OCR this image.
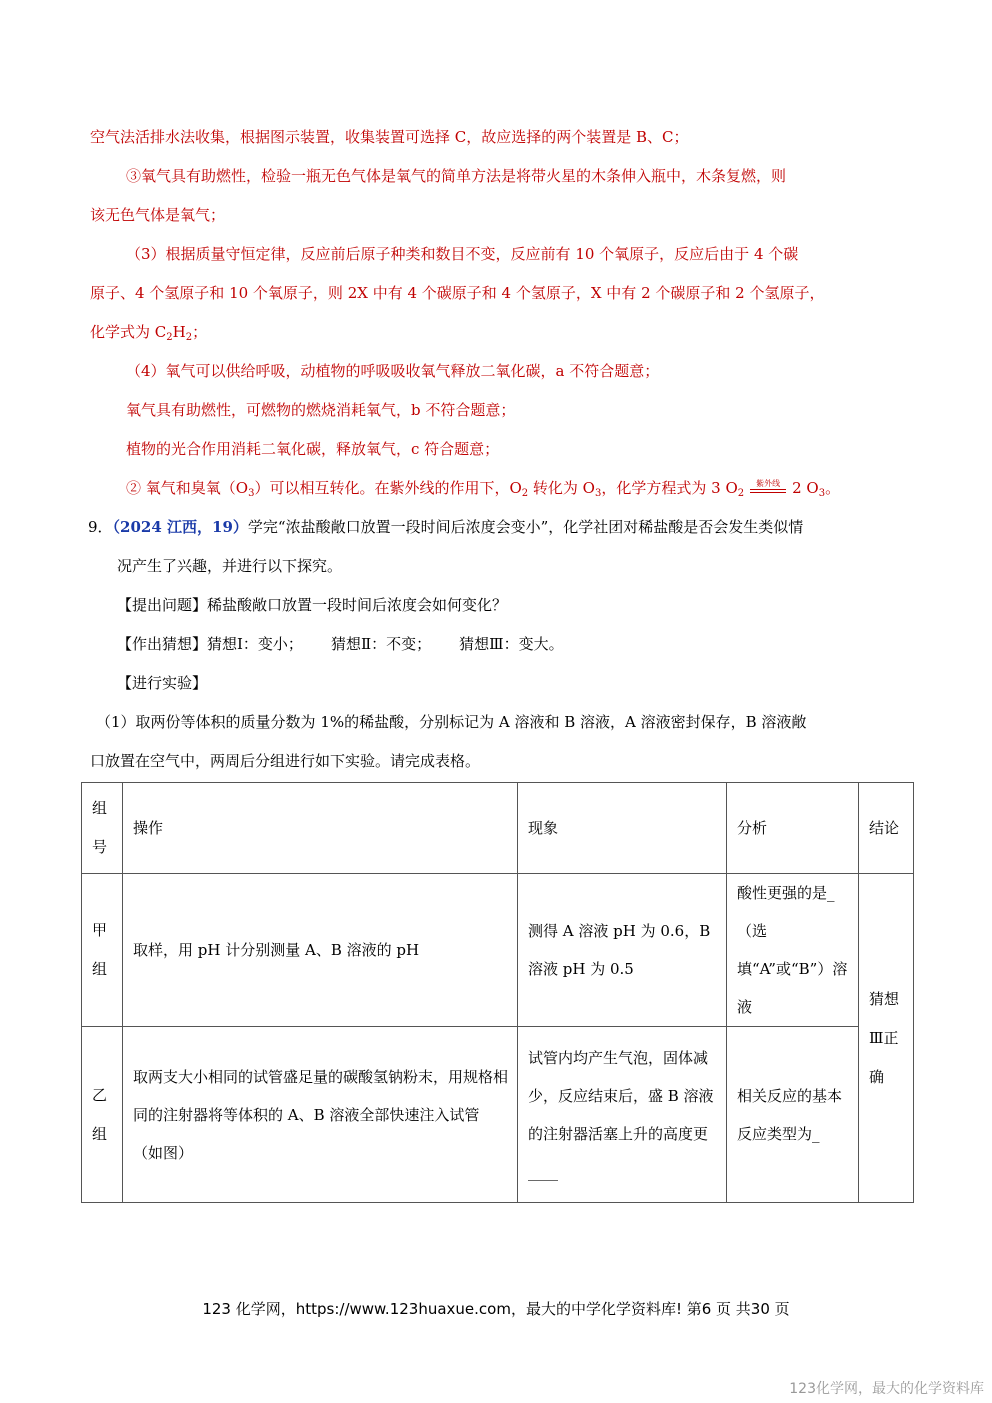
空气法活排水法收集，根据图示装置，收集装置可选择 C，故应选择的两个装置是 B、C；
③氧气具有助燃性，检验一瓶无色气体是氧气的简单方法是将带火星的木条伸入瓶中，木条复燃，则
该无色气体是氧气；
（3）根据质量守恒定律，反应前后原子种类和数目不变，反应前有 10 个氧原子，反应后由于 4 个碳
原子、4 个氢原子和 10 个氧原子，则 2X 中有 4 个碳原子和 4 个氢原子，X 中有 2 个碳原子和 2 个氢原子，
化学式为 $C_2H_2$；
（4）氧气可以供给呼吸，动植物的呼吸吸收氧气释放二氧化碳，a 不符合题意；
氧气具有助燃性，可燃物的燃烧消耗氧气，b 不符合题意；
植物的光合作用消耗二氧化碳，释放氧气，c 符合题意；
② 氧气和臭氧$(O_3)$可以相互转化。在紫外线的作用下，$O_2$ 转化为 $O_3$，化学方程式为 3 $O_2$
紫外线 2 $O_3$。
9．（2024 江西，19）学完“浓盐酸敞口放置一段时间后浓度会变小”，化学社团对稀盐酸是否会发生类似情
况产生了兴趣，并进行以下探究。
【提出问题】稀盐酸敞口放置一段时间后浓度会如何变化？
【作出猜想】猜想Ⅰ：变小； 猜想Ⅱ：不变； 猜想Ⅲ：变大。
【进行实验】
（1）取两份等体积的质量分数为 1%的稀盐酸，分别标记为 A 溶液和 B 溶液，A 溶液密封保存，B 溶液敞
口放置在空气中，两周后分组进行如下实验。请完成表格。
组号	操作	现象	分析	结论
甲组	取样，用 pH 计分别测量 A、B 溶液的 pH	测得 A 溶液 pH 为 0.6，B 溶液 pH 为 0.5	酸性更强的是_（选填“A”或“B”）溶液	猜想Ⅲ正确
乙组	取两支大小相同的试管盛足量的碳酸氢钠粉末，用规格相同的注射器将等体积的 A、B 溶液全部快速注入试管（如图）	试管内均产生气泡，固体减少，反应结束后，盛 B 溶液的注射器活塞上升的高度更____	相关反应的基本反应类型为_	
123 化学网，https://www.123huaxue.com，最大的中学化学资料库! 第6 页 共30 页
123化学网，最大的化学资料库
